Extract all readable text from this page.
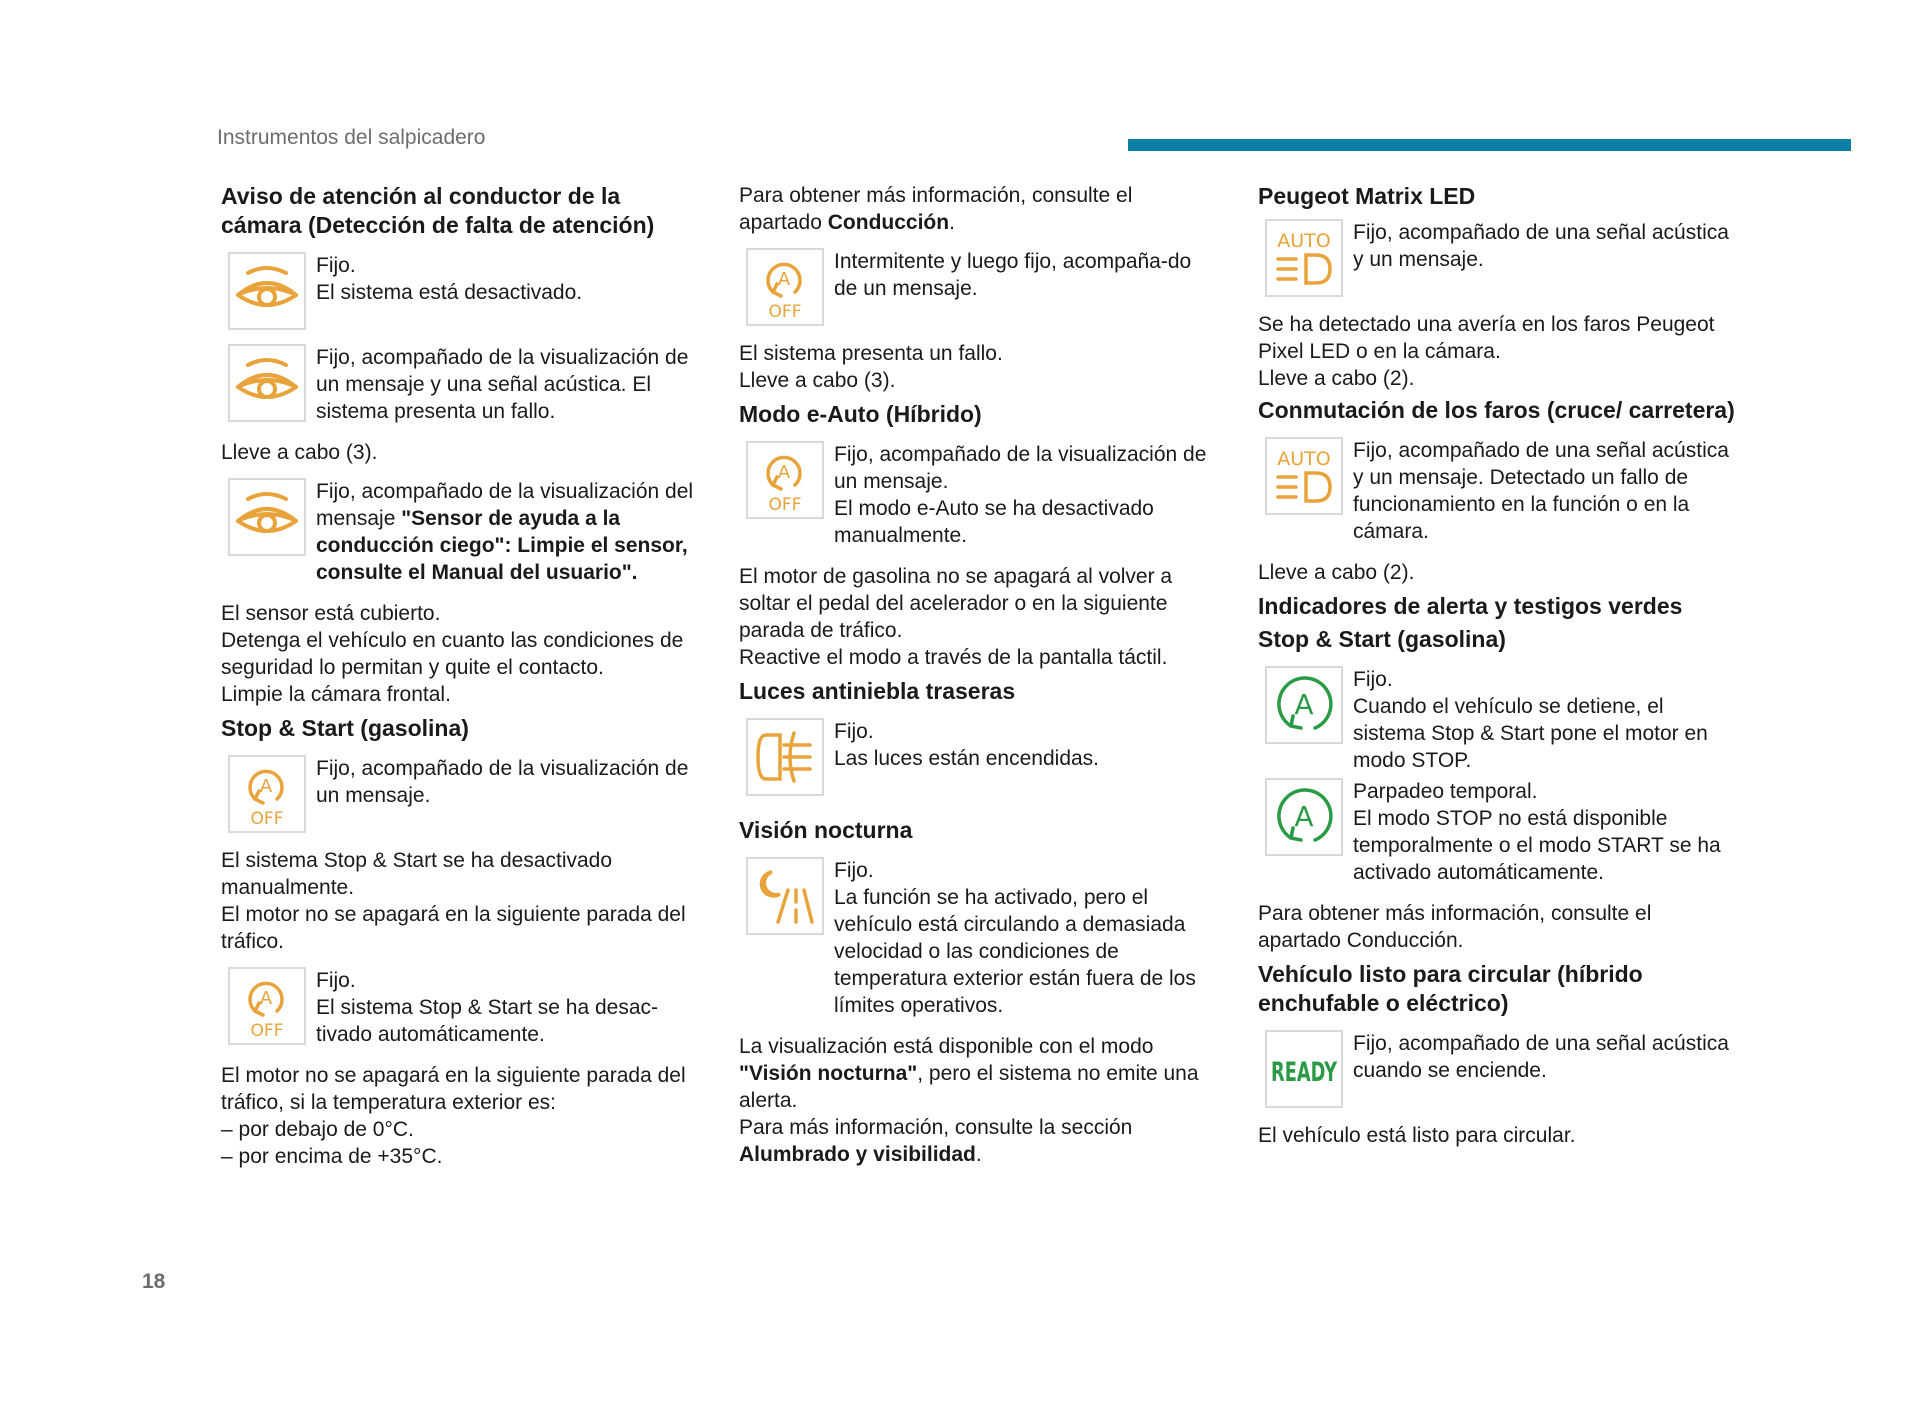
Instrumentos del salpicadero
Aviso de atención al conductor de la cámara (Detección de falta de atención)
Fijo.
El sistema está desactivado.
Fijo, acompañado de la visualización de un mensaje y una señal acústica. El sistema presenta un fallo.
Lleve a cabo (3).
Fijo, acompañado de la visualización del mensaje "Sensor de ayuda a la conducción ciego": Limpie el sensor, consulte el Manual del usuario".
El sensor está cubierto.
Detenga el vehículo en cuanto las condiciones de seguridad lo permitan y quite el contacto.
Limpie la cámara frontal.
Stop & Start (gasolina)
A
OFF
Fijo, acompañado de la visualización de un mensaje.
El sistema Stop & Start se ha desactivado manualmente.
El motor no se apagará en la siguiente parada del tráfico.
A
OFF
Fijo.
El sistema Stop & Start se ha desac-tivado automáticamente.
El motor no se apagará en la siguiente parada del tráfico, si la temperatura exterior es:
– por debajo de 0°C.
– por encima de +35°C.
Para obtener más información, consulte el apartado Conducción.
A
OFF
Intermitente y luego fijo, acompaña-do de un mensaje.
El sistema presenta un fallo.
Lleve a cabo (3).
Modo e-Auto (Híbrido)
A
OFF
Fijo, acompañado de la visualización de un mensaje.
El modo e-Auto se ha desactivado manualmente.
El motor de gasolina no se apagará al volver a soltar el pedal del acelerador o en la siguiente parada de tráfico.
Reactive el modo a través de la pantalla táctil.
Luces antiniebla traseras
Fijo.
Las luces están encendidas.
Visión nocturna
Fijo.
La función se ha activado, pero el vehículo está circulando a demasiada velocidad o las condiciones de temperatura exterior están fuera de los límites operativos.
La visualización está disponible con el modo "Visión nocturna", pero el sistema no emite una alerta.
Para más información, consulte la sección Alumbrado y visibilidad.
Peugeot Matrix LED
AUTO Fijo, acompañado de una señal acústica y un mensaje.
Se ha detectado una avería en los faros Peugeot Pixel LED o en la cámara.
Lleve a cabo (2).
Conmutación de los faros (cruce/ carretera)
AUTO Fijo, acompañado de una señal acústica y un mensaje. Detectado un fallo de funcionamiento en la función o en la cámara.
Lleve a cabo (2).
Indicadores de alerta y testigos verdes
Stop & Start (gasolina)
A
Fijo.
Cuando el vehículo se detiene, el sistema Stop & Start pone el motor en modo STOP.
A
Parpadeo temporal.
El modo STOP no está disponible temporalmente o el modo START se ha activado automáticamente.
Para obtener más información, consulte el apartado Conducción.
Vehículo listo para circular (híbrido enchufable o eléctrico)
READY
Fijo, acompañado de una señal acústica cuando se enciende.
El vehículo está listo para circular.
18
